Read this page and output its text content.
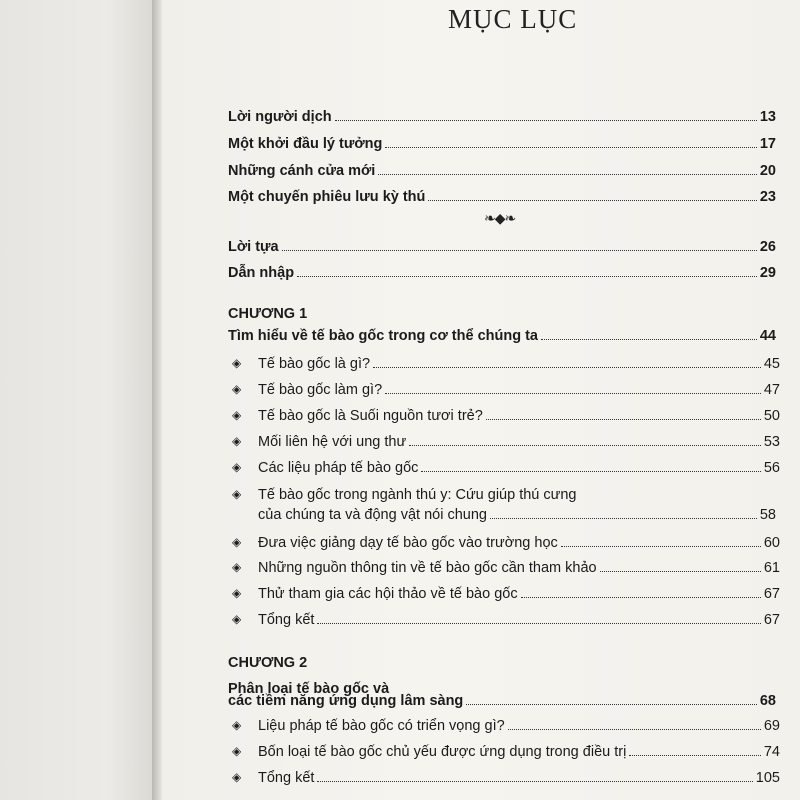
MỤC LỤC
Lời người dịch	13
Một khởi đầu lý tưởng	17
Những cánh cửa mới	20
Một chuyến phiêu lưu kỳ thú	23
❧◆❧
Lời tựa	26
Dẫn nhập	29
CHƯƠNG 1
Tìm hiểu về tế bào gốc trong cơ thể chúng ta	44
◈	Tế bào gốc là gì?	45
◈	Tế bào gốc làm gì?	47
◈	Tế bào gốc là Suối nguồn tươi trẻ?	50
◈	Mối liên hệ với ung thư	53
◈	Các liệu pháp tế bào gốc	56
◈	Tế bào gốc trong ngành thú y: Cứu giúp thú cưng
của chúng ta và động vật nói chung	58
◈	Đưa việc giảng dạy tế bào gốc vào trường học	60
◈	Những nguồn thông tin về tế bào gốc cần tham khảo	61
◈	Thử tham gia các hội thảo về tế bào gốc	67
◈	Tổng kết	67
CHƯƠNG 2
Phân loại tế bào gốc và
các tiềm năng ứng dụng lâm sàng	68
◈	Liệu pháp tế bào gốc có triển vọng gì?	69
◈	Bốn loại tế bào gốc chủ yếu được ứng dụng trong điều trị	74
◈	Tổng kết	105
